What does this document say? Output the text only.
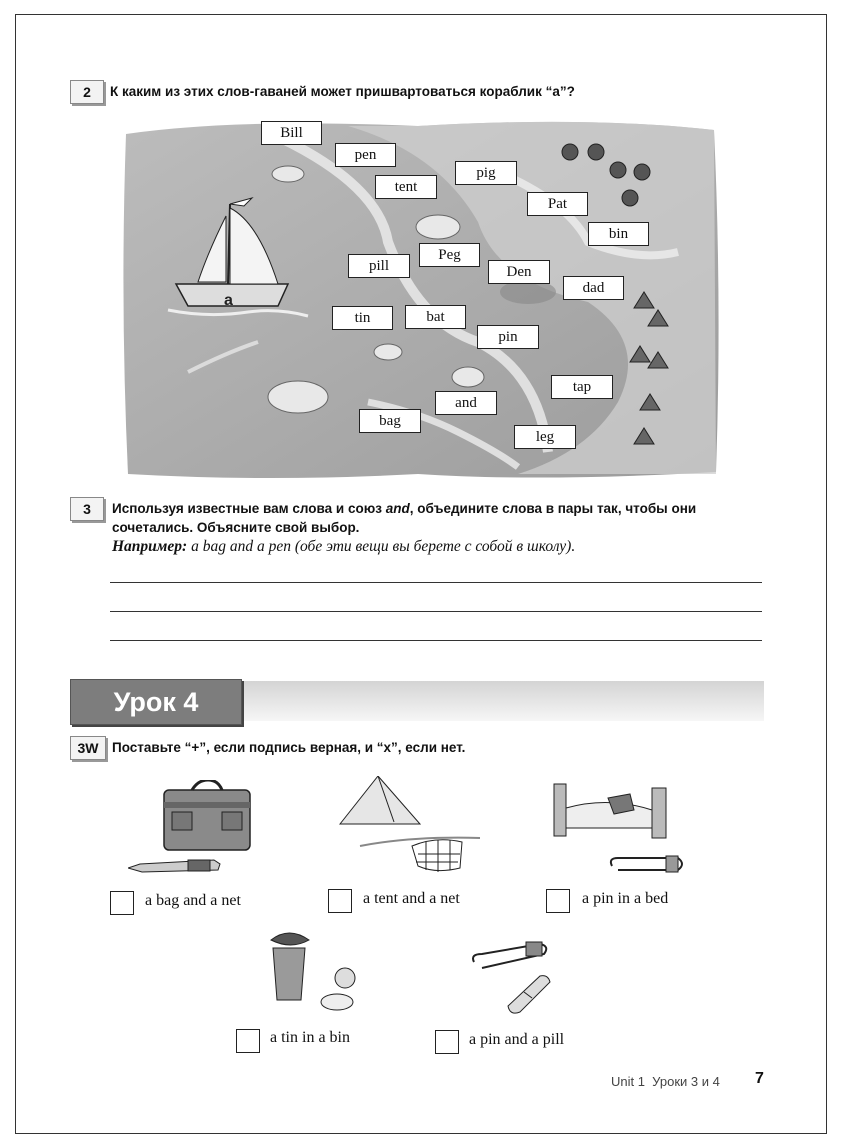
2	К каким из этих слов-гаваней может пришвартоваться кораблик “a”?
a
Bill
pen
tent
pig
Pat
bin
Peg
pill	Den
dad
tin	bat
pin
tap
and
bag
leg
3	Используя известные вам слова и союз and, объедините слова в пары так, чтобы они
сочетались. Объясните свой выбор.
Например: a bag and a pen (обе эти вещи вы берете с собой в школу).
Урок 4
3W	Поставьте “+”, если подпись верная, и “x”, если нет.
a bag and a net	a tent and a net	a pin in a bed
a tin in a bin	a pin and a pill
Unit 1  Уроки 3 и 4 7
